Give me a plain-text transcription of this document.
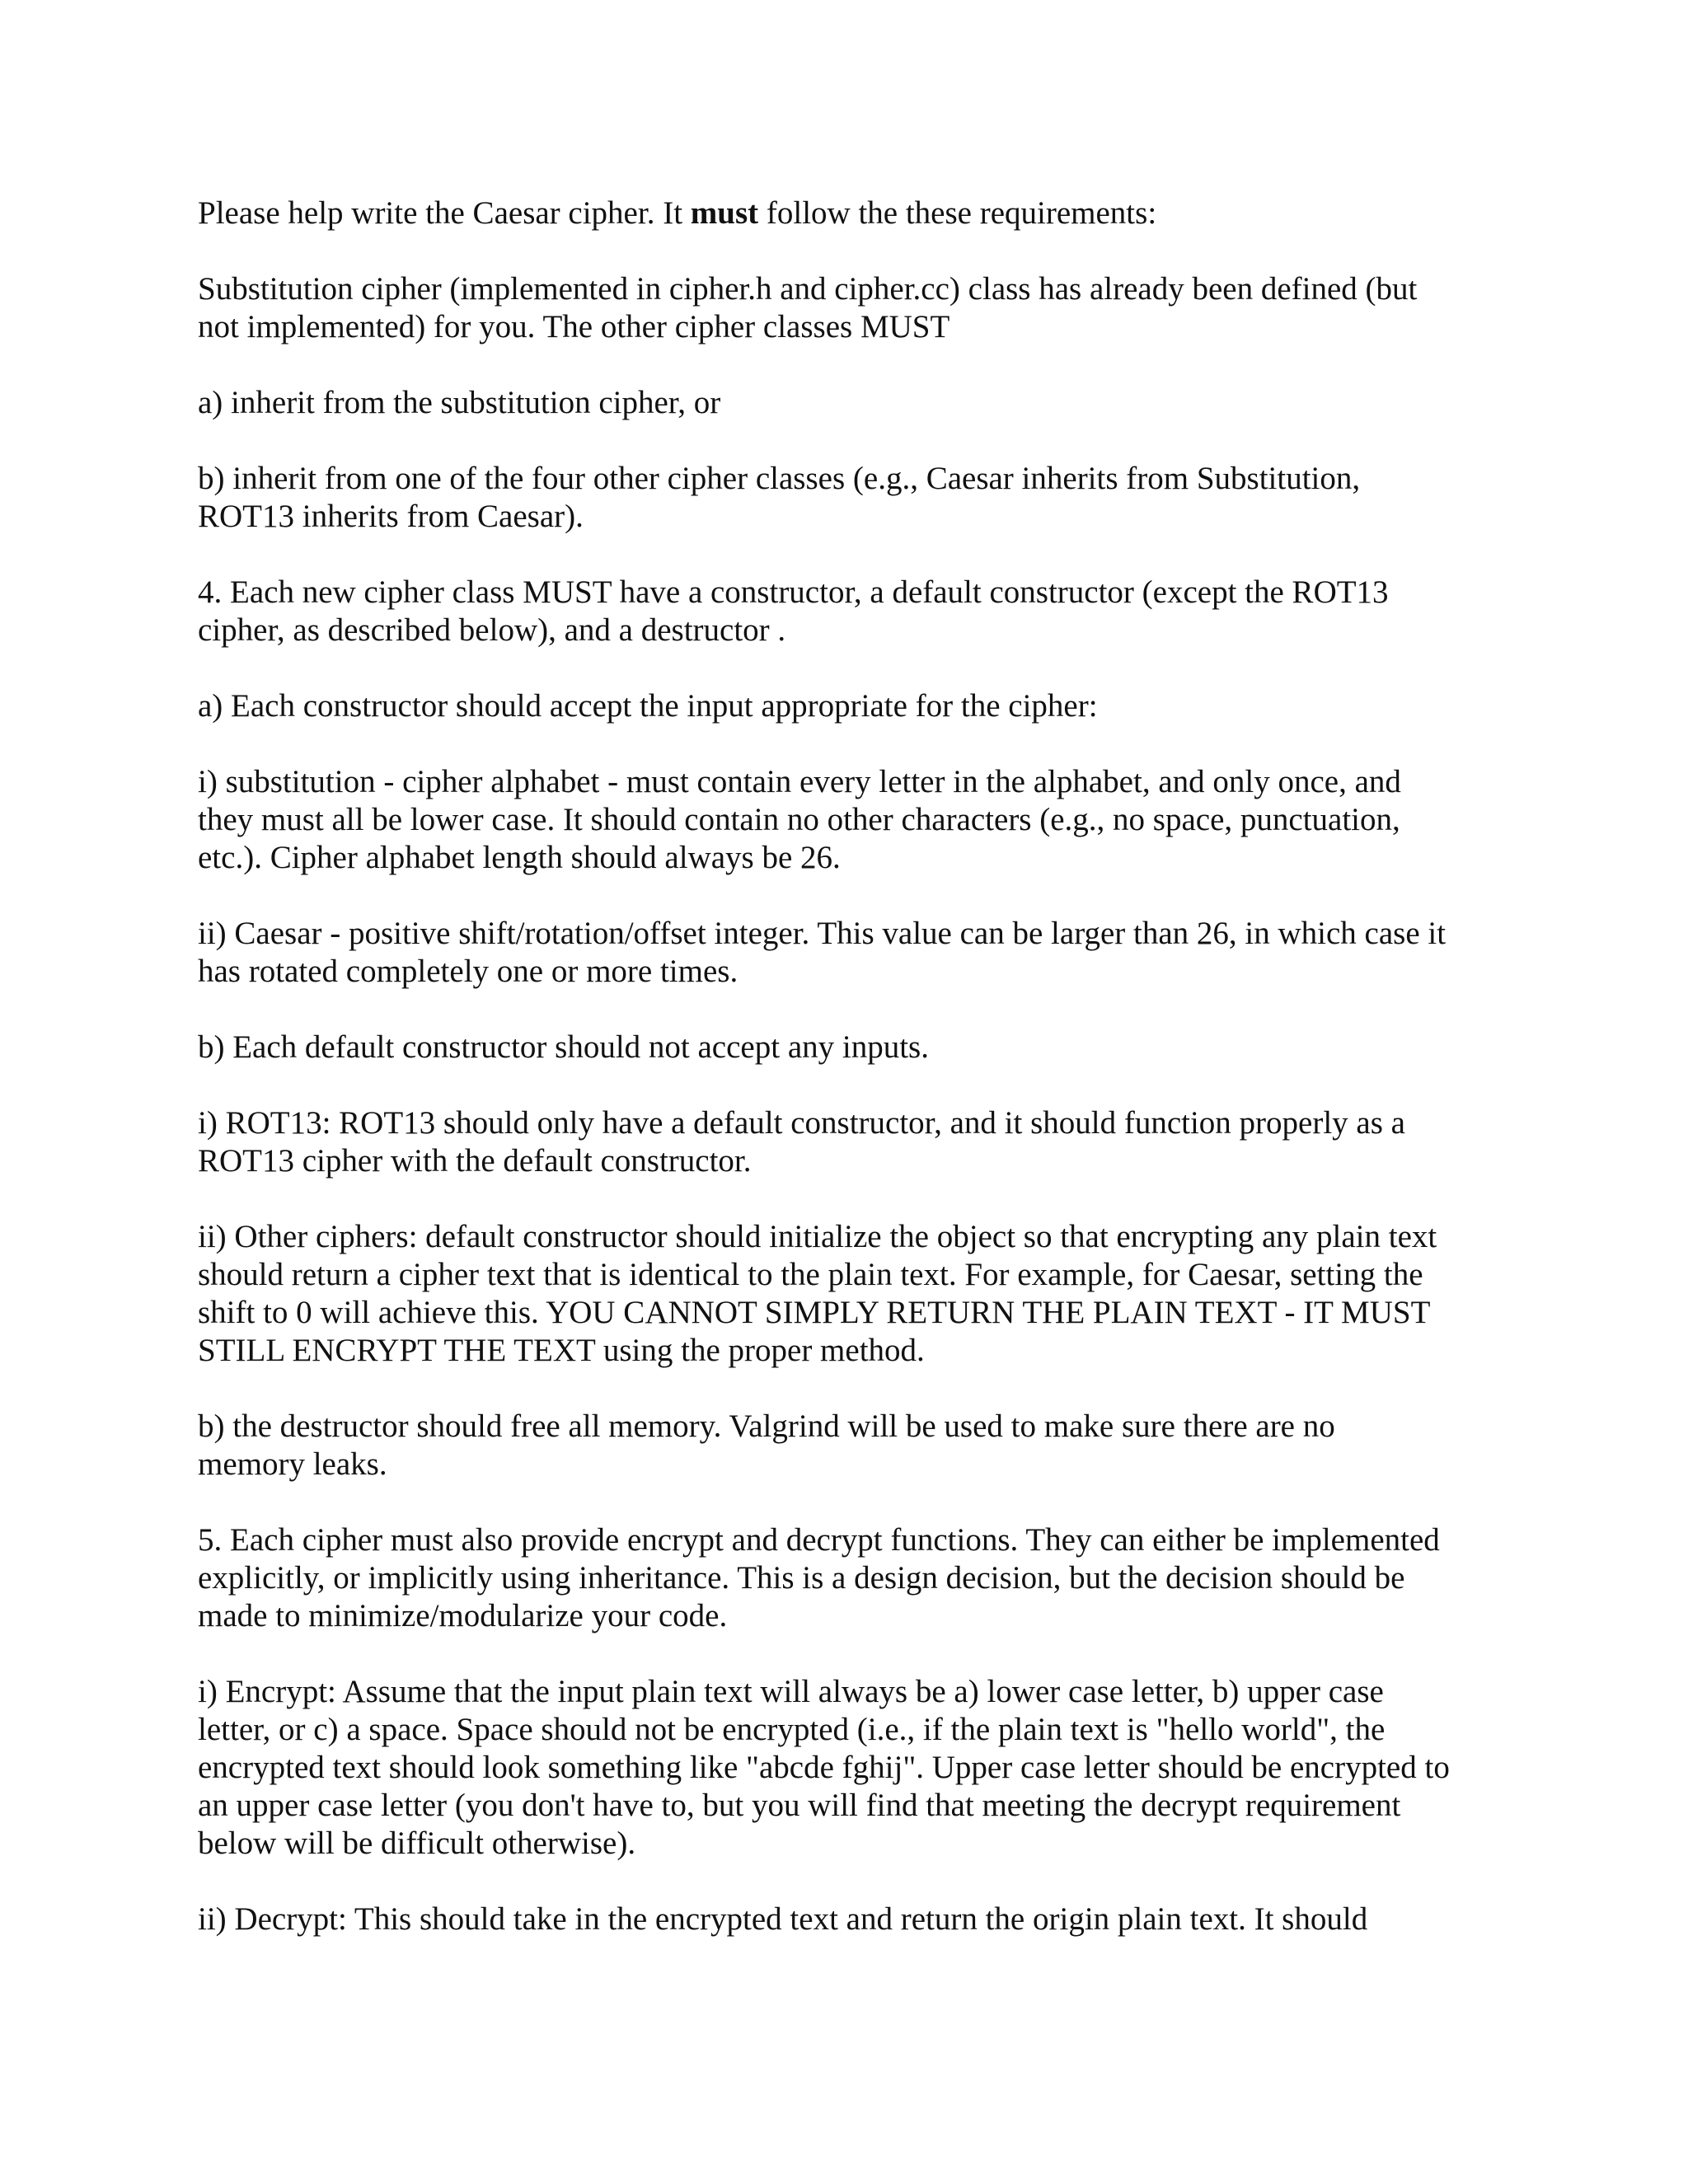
Please help write the Caesar cipher. It must follow the these requirements:

Substitution cipher (implemented in cipher.h and cipher.cc) class has already been defined (but
not implemented) for you. The other cipher classes MUST

a) inherit from the substitution cipher, or

b) inherit from one of the four other cipher classes (e.g., Caesar inherits from Substitution,
ROT13 inherits from Caesar).

4. Each new cipher class MUST have a constructor, a default constructor (except the ROT13
cipher, as described below), and a destructor .

a) Each constructor should accept the input appropriate for the cipher:

i) substitution - cipher alphabet - must contain every letter in the alphabet, and only once, and
they must all be lower case. It should contain no other characters (e.g., no space, punctuation,
etc.). Cipher alphabet length should always be 26.

ii) Caesar - positive shift/rotation/offset integer. This value can be larger than 26, in which case it
has rotated completely one or more times.

b) Each default constructor should not accept any inputs.

i) ROT13: ROT13 should only have a default constructor, and it should function properly as a
ROT13 cipher with the default constructor.

ii) Other ciphers: default constructor should initialize the object so that encrypting any plain text
should return a cipher text that is identical to the plain text. For example, for Caesar, setting the
shift to 0 will achieve this. YOU CANNOT SIMPLY RETURN THE PLAIN TEXT - IT MUST
STILL ENCRYPT THE TEXT using the proper method.

b) the destructor should free all memory. Valgrind will be used to make sure there are no
memory leaks.

5. Each cipher must also provide encrypt and decrypt functions. They can either be implemented
explicitly, or implicitly using inheritance. This is a design decision, but the decision should be
made to minimize/modularize your code.

i) Encrypt: Assume that the input plain text will always be a) lower case letter, b) upper case
letter, or c) a space. Space should not be encrypted (i.e., if the plain text is "hello world", the
encrypted text should look something like "abcde fghij". Upper case letter should be encrypted to
an upper case letter (you don't have to, but you will find that meeting the decrypt requirement
below will be difficult otherwise).

ii) Decrypt: This should take in the encrypted text and return the origin plain text. It should
